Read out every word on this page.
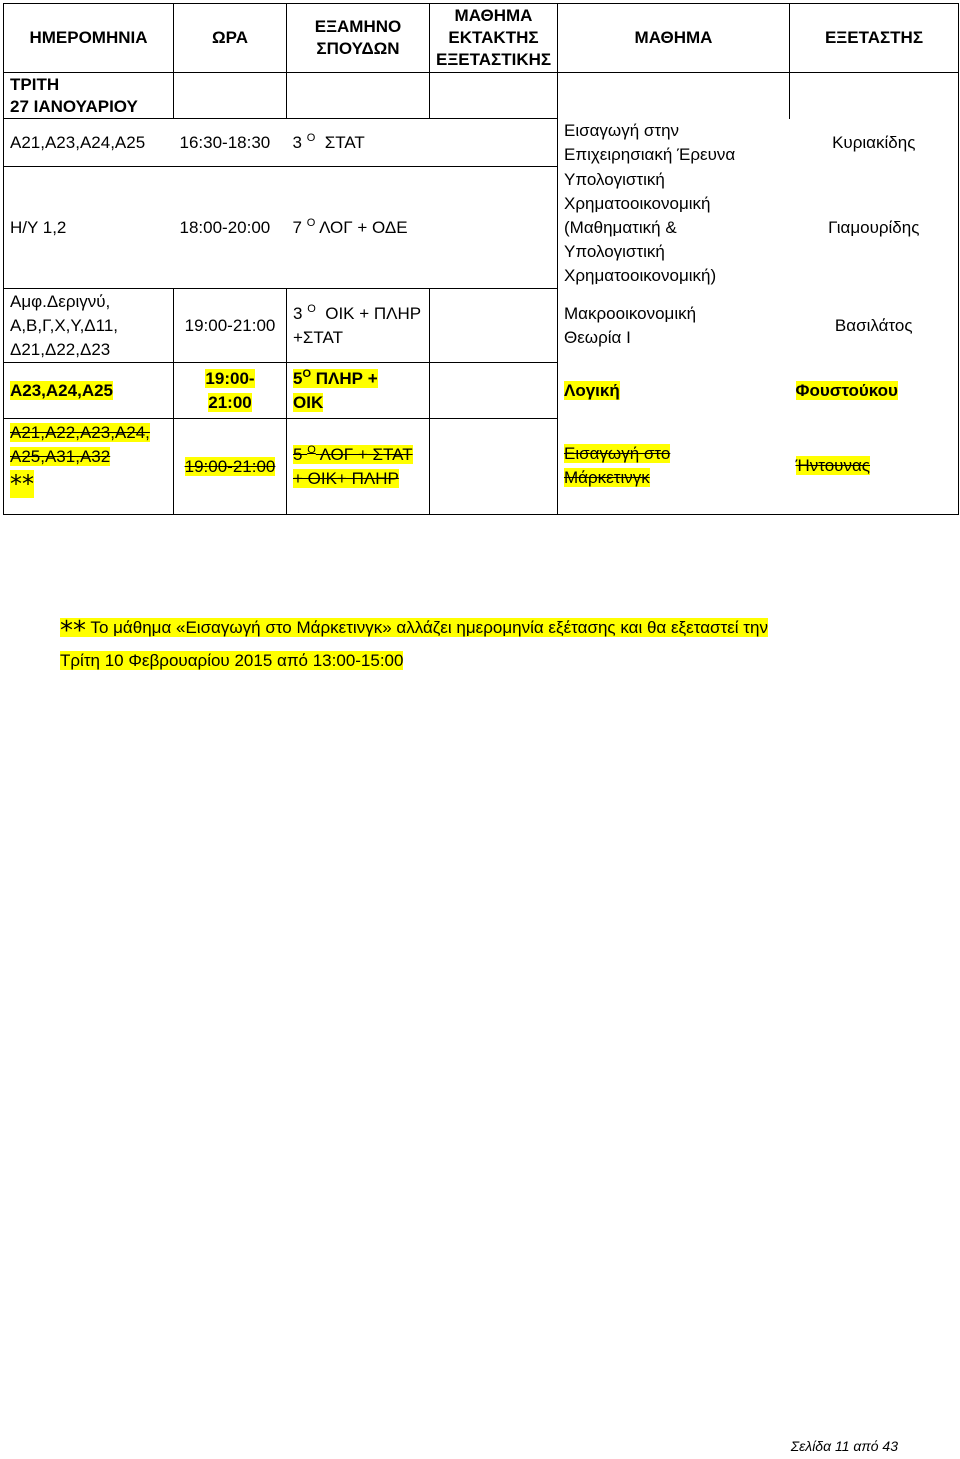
ΗΜΕΡΟΜΗΝΙΑ	ΩΡΑ	ΕΞΑΜΗΝΟ ΣΠΟΥΔΩΝ	ΜΑΘΗΜΑ ΕΚΤΑΚΤΗΣ ΕΞΕΤΑΣΤΙΚΗΣ	ΜΑΘΗΜΑ	ΕΞΕΤΑΣΤΗΣ

ΤΡΙΤΗ
27 ΙΑΝΟΥΑΡΙΟΥ					

Α21,Α23,Α24,Α25	16:30-18:30	3 $^O$ ΣΤΑΤ		Εισαγωγή στην
Επιχειρησιακή Έρευνα	Κυριακίδης
Η/Υ 1,2	18:00-20:00	7 $^O$ ΛΟΓ + ΟΔΕ		Υπολογιστική
Χρηματοοικονομική
(Μαθηματική &
Υπολογιστική
Χρηματοοικονομική)	Γιαμουρίδης

Αμφ.Δεριγνύ,
Α,Β,Γ,Χ,Υ,Δ11,
Δ21,Δ22,Δ23	19:00-21:00	3 $^O$ ΟΙΚ + ΠΛΗΡ
+ΣΤΑΤ		Μακροοικονομική
Θεωρία Ι	Βασιλάτος
Α23,Α24,Α25	19:00-
21:00	$5^O$ ΠΛΗΡ +
ΟΙΚ		Λογική	Φουστούκου
Α21,Α22,Α23,Α24,
Α25,Α31,Α32
**	19:00-21:00	5 $^O$ ΛΟΓ + ΣΤΑΤ
+ ΟΙΚ+ ΠΛΗΡ		Εισαγωγή στο
Μάρκετινγκ	Ήντουνας
** Το μάθημα «Εισαγωγή στο Μάρκετινγκ» αλλάζει ημερομηνία εξέτασης και θα εξεταστεί την
Τρίτη 10 Φεβρουαρίου 2015 από 13:00-15:00
Σελίδα 11 από 43
